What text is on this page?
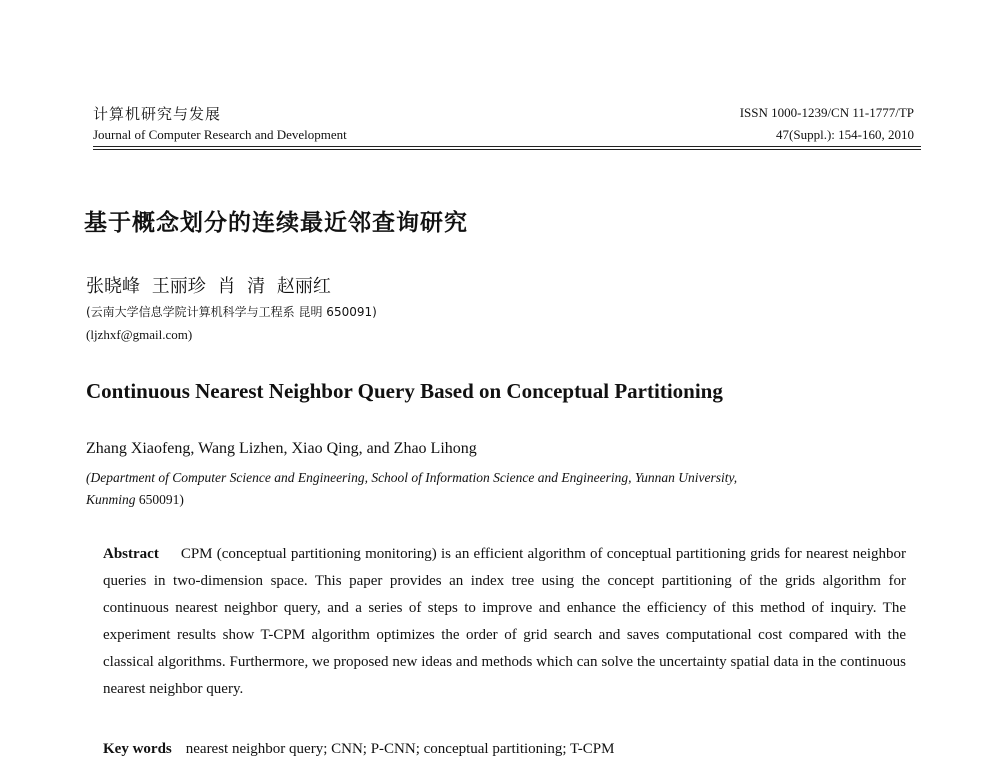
计算机研究与发展
Journal of Computer Research and Development
ISSN 1000-1239/CN 11-1777/TP
47(Suppl.): 154-160, 2010
基于概念划分的连续最近邻查询研究
张晓峰 王丽珍 肖 清 赵丽红
(云南大学信息学院计算机科学与工程系 昆明 650091)
(ljzhxf@gmail.com)
Continuous Nearest Neighbor Query Based on Conceptual Partitioning
Zhang Xiaofeng, Wang Lizhen, Xiao Qing, and Zhao Lihong
(Department of Computer Science and Engineering, School of Information Science and Engineering, Yunnan University,
Kunming 650091)
Abstract CPM (conceptual partitioning monitoring) is an efficient algorithm of conceptual partitioning grids for nearest neighbor queries in two-dimension space. This paper provides an index tree using the concept partitioning of the grids algorithm for continuous nearest neighbor query, and a series of steps to improve and enhance the efficiency of this method of inquiry. The experiment results show T-CPM algorithm optimizes the order of grid search and saves computational cost compared with the classical algorithms. Furthermore, we proposed new ideas and methods which can solve the uncertainty spatial data in the continuous nearest neighbor query.
Key words nearest neighbor query; CNN; P-CNN; conceptual partitioning; T-CPM
